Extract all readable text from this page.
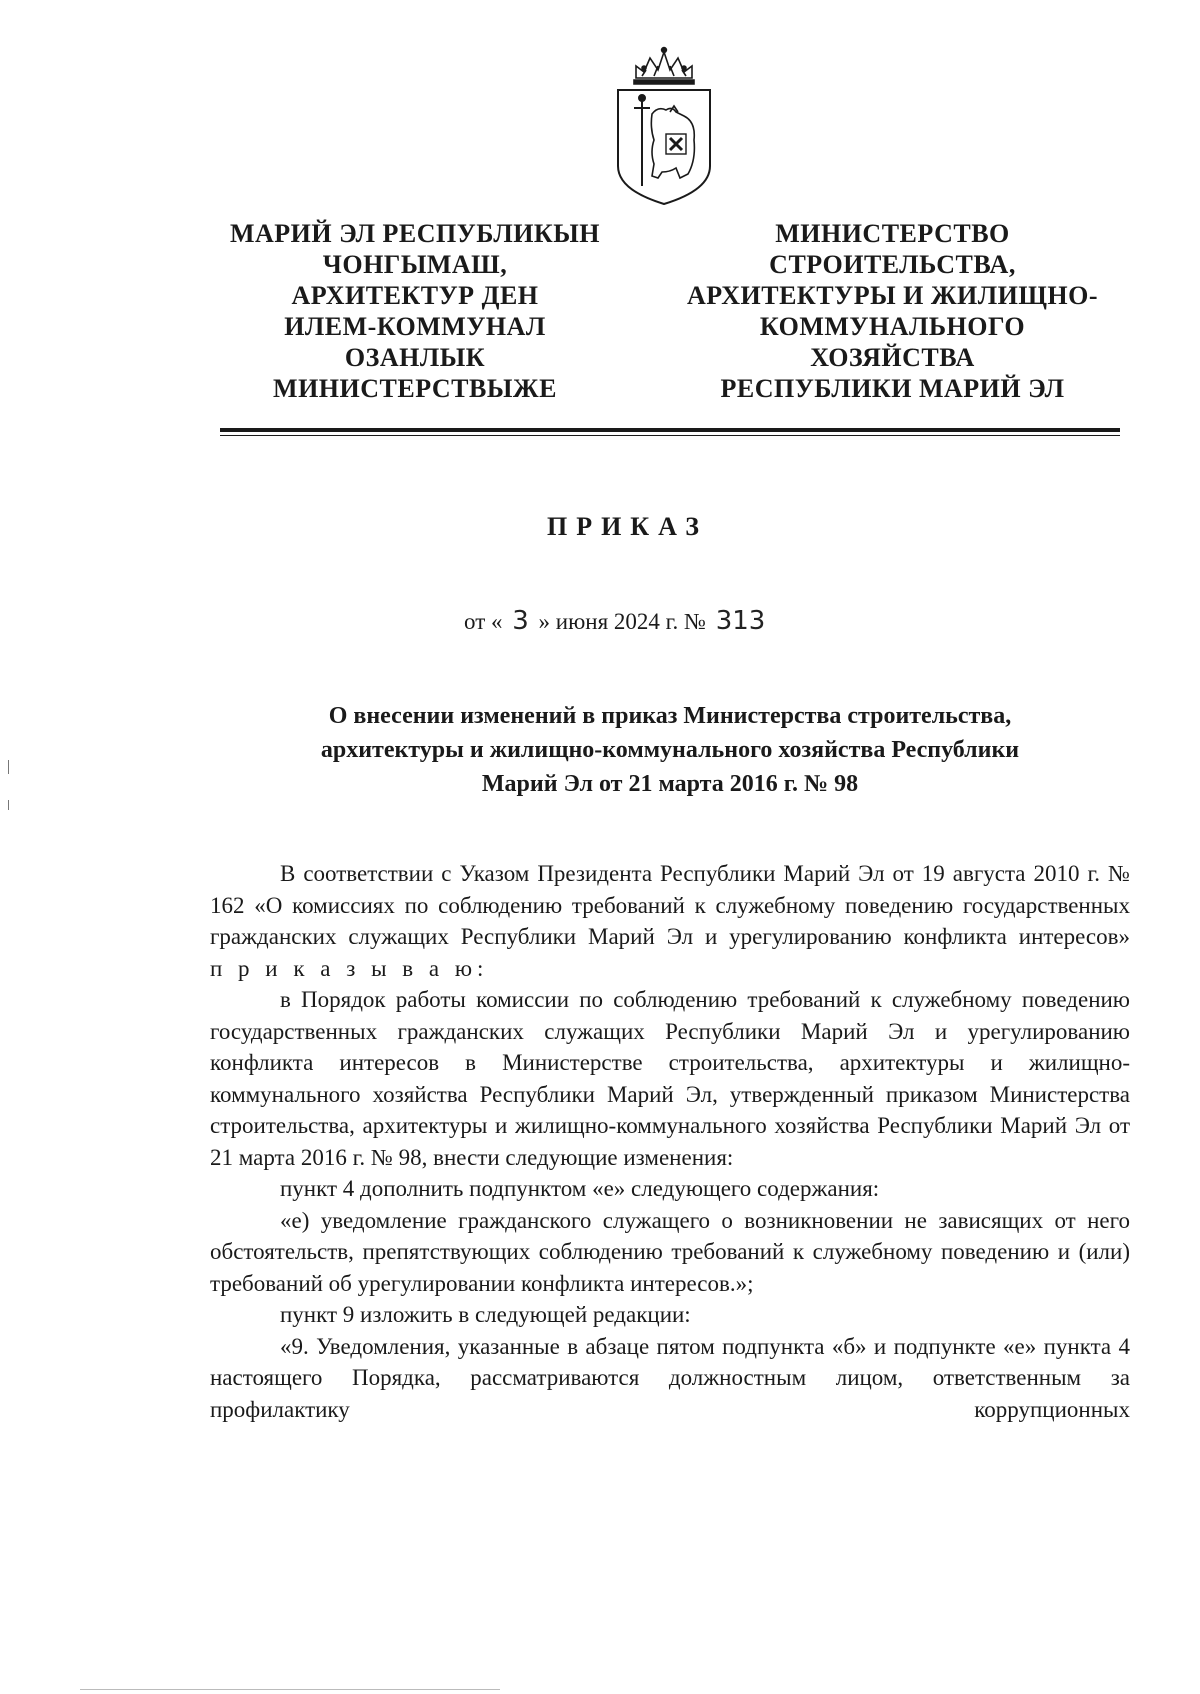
МАРИЙ ЭЛ РЕСПУБЛИКЫН
ЧОНГЫМАШ,
АРХИТЕКТУР ДЕН
ИЛЕМ-КОММУНАЛ
ОЗАНЛЫК
МИНИСТЕРСТВЫЖЕ
МИНИСТЕРСТВО
СТРОИТЕЛЬСТВА,
АРХИТЕКТУРЫ И ЖИЛИЩНО-
КОММУНАЛЬНОГО
ХОЗЯЙСТВА
РЕСПУБЛИКИ МАРИЙ ЭЛ
ПРИКАЗ
от « 3 » июня 2024 г. № 313
О внесении изменений в приказ Министерства строительства,
архитектуры и жилищно-коммунального хозяйства Республики
Марий Эл от 21 марта 2016 г. № 98

В соответствии с Указом Президента Республики Марий Эл от 19 августа 2010 г. № 162 «О комиссиях по соблюдению требований к служебному поведению государственных гражданских служащих Республики Марий Эл и урегулированию конфликта интересов»

п р и к а з ы в а ю:

в Порядок работы комиссии по соблюдению требований к служебному поведению государственных гражданских служащих Республики Марий Эл и урегулированию конфликта интересов в Министерстве строительства, архитектуры и жилищно-коммунального хозяйства Республики Марий Эл, утвержденный приказом Министерства строительства, архитектуры и жилищно-коммунального хозяйства Республики Марий Эл от 21 марта 2016 г. № 98, внести следующие изменения:

пункт 4 дополнить подпунктом «е» следующего содержания:

«е) уведомление гражданского служащего о возникновении не зависящих от него обстоятельств, препятствующих соблюдению требований к служебному поведению и (или) требований об урегулировании конфликта интересов.»;

пункт 9 изложить в следующей редакции:

«9. Уведомления, указанные в абзаце пятом подпункта «б» и подпункте «е» пункта 4 настоящего Порядка, рассматриваются должностным лицом, ответственным за профилактику коррупционных
